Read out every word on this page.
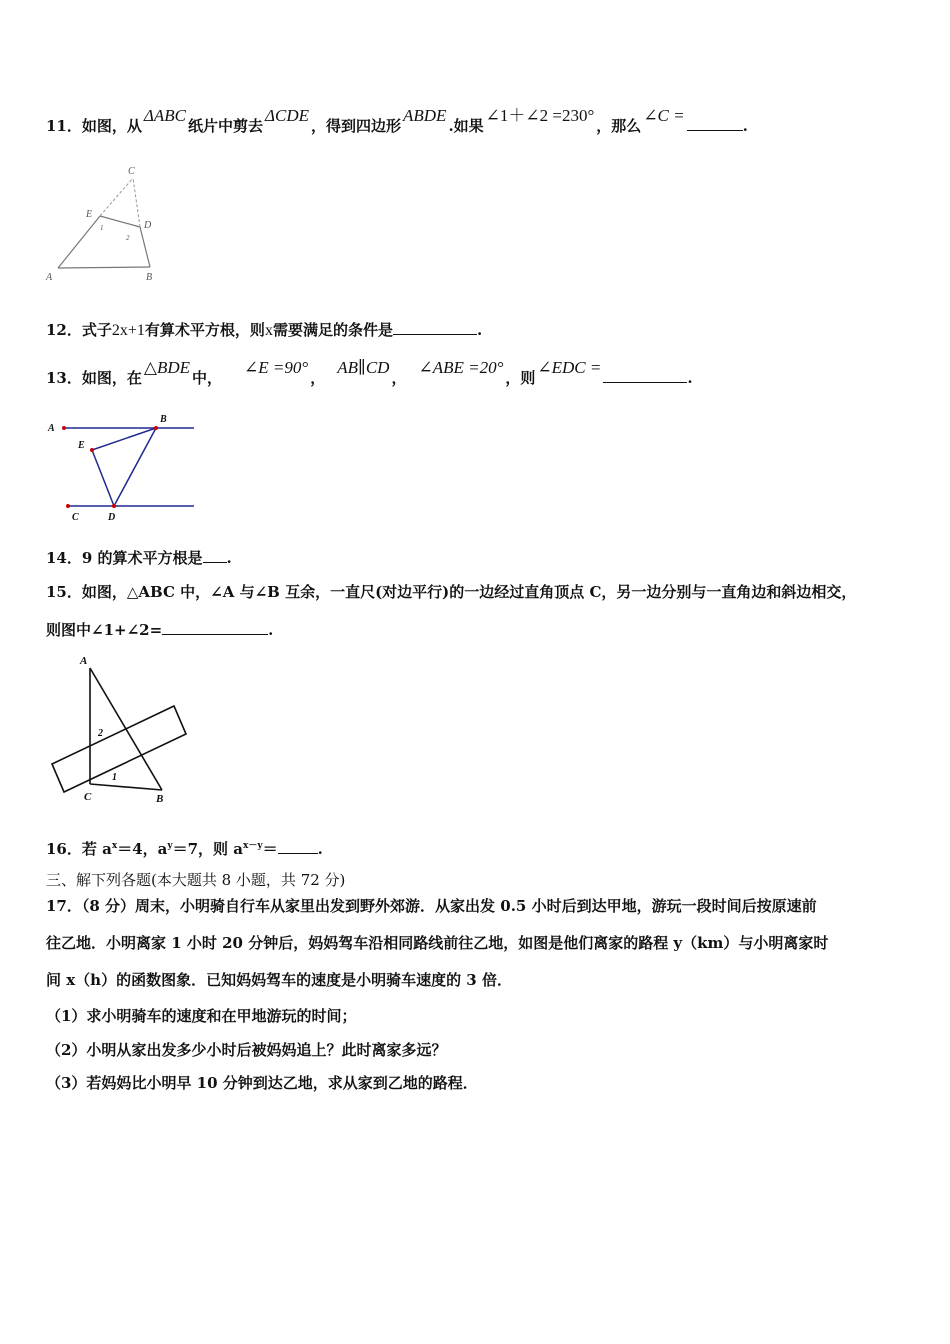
11．如图，从ΔABC纸片中剪去ΔCDE，得到四边形ABDE.如果∠1＋∠2 =230°，那么∠C =.
C
E
D
1
2
A	B
12．式子2x+1有算术平方根，则x需要满足的条件是	.
13．如图，在△BDE中，∠E =90°，AB∥CD，∠ABE =20°，则∠EDC =.
A
B
E
C	D
14．9 的算术平方根是 .
15．如图，△ABC 中，∠A 与∠B 互余，一直尺(对边平行)的一边经过直角顶点 C，另一边分别与一直角边和斜边相交，
则图中∠1+∠2=	.
A
2
1
C	B
16．若 $a^x=4$，$a^y=7$，则 $a^{x-y}=$	.
三、解下列各题(本大题共 8 小题，共 72 分)
17．（8 分）周末，小明骑自行车从家里出发到野外郊游．从家出发 0.5 小时后到达甲地，游玩一段时间后按原速前
往乙地．小明离家 1 小时 20 分钟后，妈妈驾车沿相同路线前往乙地，如图是他们离家的路程 y（km）与小明离家时
间 x（h）的函数图象．已知妈妈驾车的速度是小明骑车速度的 3 倍．
（1）求小明骑车的速度和在甲地游玩的时间；
（2）小明从家出发多少小时后被妈妈追上？此时离家多远？
（3）若妈妈比小明早 10 分钟到达乙地，求从家到乙地的路程．
